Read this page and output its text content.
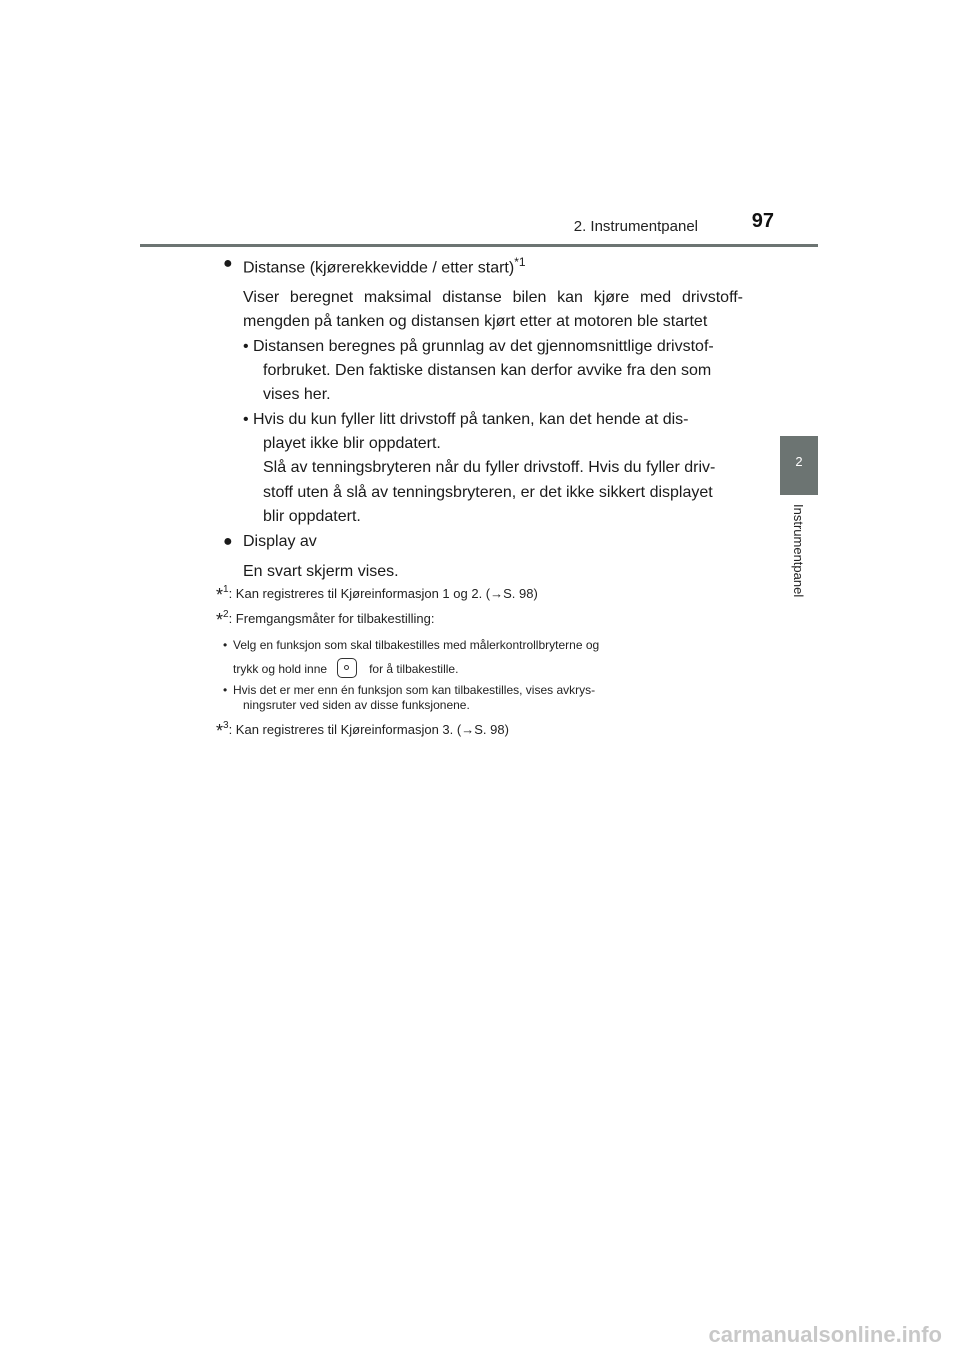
2. Instrumentpanel	97
2
Instrumentpanel
● Distanse (kjørerekkevidde / etter start)$^{*1}$
Viser beregnet maksimal distanse bilen kan kjøre med drivstoff-
mengden på tanken og distansen kjørt etter at motoren ble startet
• Distansen beregnes på grunnlag av det gjennomsnittlige drivstof-
forbruket. Den faktiske distansen kan derfor avvike fra den som
vises her.
• Hvis du kun fyller litt drivstoff på tanken, kan det hende at dis-
playet ikke blir oppdatert.
Slå av tenningsbryteren når du fyller drivstoff. Hvis du fyller driv-
stoff uten å slå av tenningsbryteren, er det ikke sikkert displayet
blir oppdatert.
● Display av
En svart skjerm vises.
*$^1$: Kan registreres til Kjøreinformasjon 1 og 2. (→S. 98)
*$^2$: Fremgangsmåter for tilbakestilling:
• Velg en funksjon som skal tilbakestilles med målerkontrollbryterne og
trykk og hold inne	for å tilbakestille.
• Hvis det er mer enn én funksjon som kan tilbakestilles, vises avkrys-
ningsruter ved siden av disse funksjonene.
*$^3$: Kan registreres til Kjøreinformasjon 3. (→S. 98)
carmanualsonline.info
